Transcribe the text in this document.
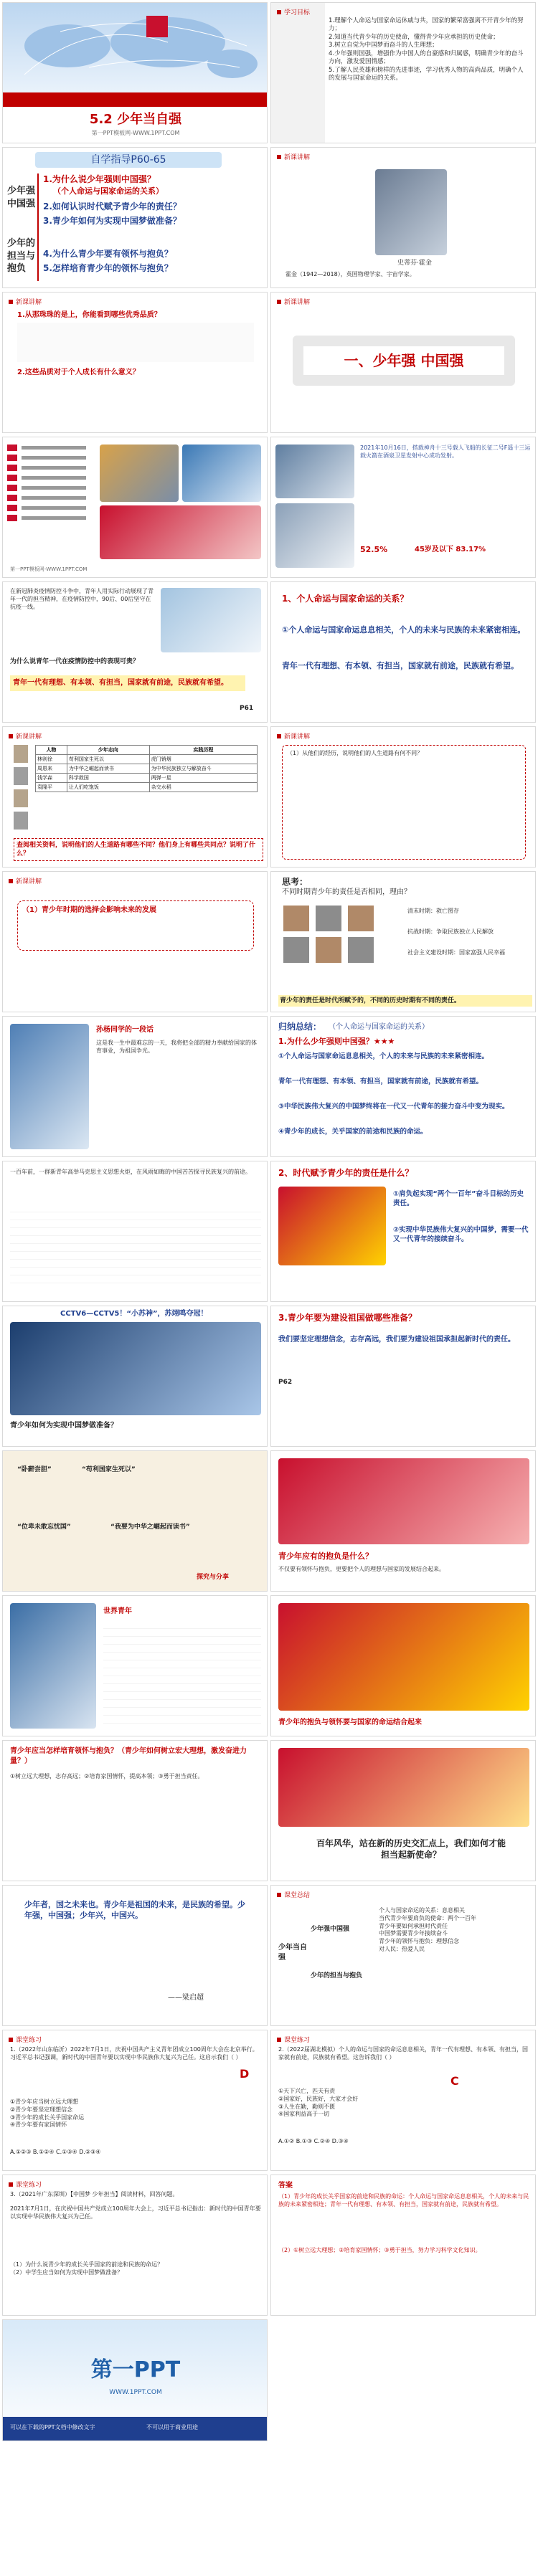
5.2 少年当自强
第一PPT模板网-WWW.1PPT.COM
学习目标
1.理解个人命运与国家命运休戚与共，国家的繁荣富强离不开青少年的努力；
2.知道当代青少年的历史使命，懂得青少年应承担的历史使命；
3.树立自觉为中国梦而奋斗的人生理想；
4.少年强则国强，增强作为中国人的自豪感和归属感，明确青少年的奋斗方向，激发爱国情感；
5.了解人民英雄和榜样的先进事迹，学习优秀人物的高尚品质，明确个人的发展与国家命运的关系。
自学指导P60-65
少年强中国强
少年的担当与抱负
1.为什么说少年强则中国强？
（个人命运与国家命运的关系）
2.如何认识时代赋予青少年的责任？
3.青少年如何为实现中国梦做准备？
4.为什么青少年要有领怀与抱负？
5.怎样培育青少年的领怀与抱负？
新课讲解
史蒂芬·霍金
霍金（1942—2018），英国物理学家、宇宙学家。
新课讲解
1.从那珠珠的是上，你能看到哪些优秀品质？
2.这些品质对于个人成长有什么意义？
新课讲解
一、少年强 中国强
第一PPT模板网-WWW.1PPT.COM
2021年10月16日，搭载神舟十三号载人飞船的长征二号F遥十三运载火箭在酒泉卫星发射中心成功发射。
52.5%	45岁及以下 83.17%
在新冠肺炎疫情防控斗争中，青年人用实际行动展现了青年一代的担当精神，在疫情防控中，90后、00后坚守在抗疫一线。
为什么说青年一代在疫情防控中的表现可贵？
青年一代有理想、有本领、有担当，国家就有前途，民族就有希望。
P61
1、个人命运与国家命运的关系？
①个人命运与国家命运息息相关，个人的未来与民族的未来紧密相连。
青年一代有理想、有本领、有担当，国家就有前途，民族就有希望。
新课讲解
人物	少年志向	实践历程
林则徐	苟利国家生死以	虎门销烟
周恩来	为中华之崛起而读书	为中华民族独立与解放奋斗
钱学森	科学救国	两弹一星
袁隆平	让人们吃饱饭	杂交水稻
查阅相关资料，说明他们的人生道路有哪些不同？他们身上有哪些共同点？说明了什么？
新课讲解
（1）从他们的经历，说明他们的人生道路有何不同？
新课讲解
（1）青少年时期的选择会影响未来的发展
思考：
不同时期青少年的责任是否相同，理由？

清末时期：救亡图存
抗战时期：争取民族独立人民解放
社会主义建设时期：国家富强人民幸福
青少年的责任是时代所赋予的，不同的历史时期有不同的责任。
孙杨同学的一段话
这是我一生中最难忘的一天，我将把全部的精力奉献给国家的体育事业，为祖国争光。
归纳总结： （个人命运与国家命运的关系）
1.为什么少年强则中国强？★★★
①个人命运与国家命运息息相关，个人的未来与民族的未来紧密相连。
青年一代有理想、有本领、有担当，国家就有前途，民族就有希望。
③中华民族伟大复兴的中国梦终将在一代又一代青年的接力奋斗中变为现实。
④青少年的成长，关乎国家的前途和民族的命运。
一百年前，一群新青年高举马克思主义思想火炬，在风雨如晦的中国苦苦探寻民族复兴的前途。	2、时代赋予青少年的责任是什么？
①肩负起实现“两个一百年”奋斗目标的历史责任。
②实现中华民族伟大复兴的中国梦，需要一代又一代青年的接续奋斗。
CCTV6—CCTV5！“小苏神”，苏翊鸣夺冠！
青少年如何为实现中国梦做准备？
3.青少年要为建设祖国做哪些准备？
我们要坚定理想信念，志存高远，我们要为建设祖国承担起新时代的责任。
P62
“卧薪尝胆”	“苟利国家生死以”
“位卑未敢忘忧国”	“我要为中华之崛起而读书”
探究与分享
青少年应有的抱负是什么？
不仅要有领怀与抱负，更要把个人的理想与国家的发展结合起来。
世界青年
青少年的抱负与领怀要与国家的命运结合起来
青少年应当怎样培育领怀与抱负？（青少年如何树立宏大理想，激发奋进力量？）
①树立远大理想，志存高远；②培育家国情怀，提高本领；③勇于担当责任。
百年风华，站在新的历史交汇点上，我们如何才能担当起新使命？
少年者，国之未来也。青少年是祖国的未来，是民族的希望。少年强，中国强；少年兴，中国兴。
——梁启超
课堂总结
少年当自强
少年强中国强
少年的担当与抱负
个人与国家命运的关系：息息相关
当代青少年要肩负的使命：两个一百年
青少年要如何承担时代责任
中国梦需要青少年接续奋斗
青少年的领怀与抱负：理想信念
对人民：热爱人民
课堂练习
1.（2022年山东临沂）2022年7月1日，庆祝中国共产主义青年团成立100周年大会在北京举行。习近平总书记强调，新时代的中国青年要以实现中华民族伟大复兴为己任。这启示我们（ ）
①青少年应当树立远大理想
②青少年要坚定理想信念
③青少年的成长关乎国家命运
④青少年要有家国情怀
A.①②③ B.①②④ C.①③④ D.②③④
D
课堂练习
2.（2022届湖北模拟）个人的命运与国家的命运息息相关，青年一代有理想、有本领、有担当，国家就有前途，民族就有希望。这告诉我们（ ）
①天下兴亡，匹夫有责
②国家好，民族好，大家才会好
③人生在勤，勤则不匮
④国家利益高于一切
A.①② B.①③ C.②④ D.③④
C
课堂练习
3.（2021年广东深圳）【中国梦 少年担当】阅读材料，回答问题。
2021年7月1日，在庆祝中国共产党成立100周年大会上，习近平总书记指出：新时代的中国青年要以实现中华民族伟大复兴为己任。
（1）为什么说青少年的成长关乎国家的前途和民族的命运？
（2）中学生应当如何为实现中国梦做准备？
答案
（1）青少年的成长关乎国家的前途和民族的命运：个人命运与国家命运息息相关，个人的未来与民族的未来紧密相连；青年一代有理想、有本领、有担当，国家就有前途，民族就有希望。
（2）①树立远大理想；②培育家国情怀；③勇于担当，努力学习科学文化知识。
第一PPT
WWW.1PPT.COM
可以在下载的PPT文档中修改文字	不可以用于商业用途
